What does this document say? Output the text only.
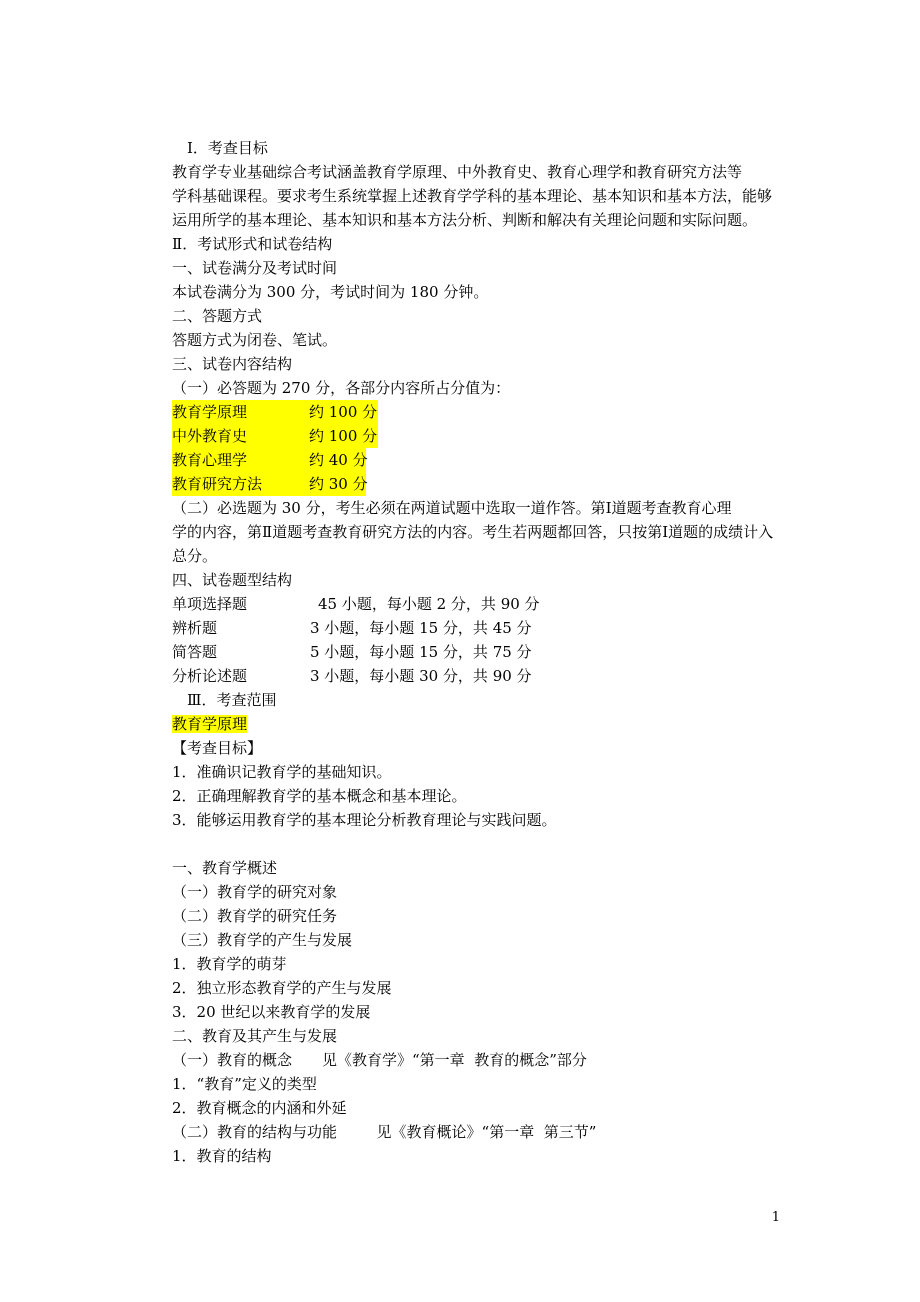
Ⅰ．考查目标
教育学专业基础综合考试涵盖教育学原理、中外教育史、教育心理学和教育研究方法等
学科基础课程。要求考生系统掌握上述教育学学科的基本理论、基本知识和基本方法，能够运用所学的基本理论、基本知识和基本方法分析、判断和解决有关理论问题和实际问题。
Ⅱ．考试形式和试卷结构
一、试卷满分及考试时间
本试卷满分为 300 分，考试时间为 180 分钟。
二、答题方式
答题方式为闭卷、笔试。
三、试卷内容结构
（一）必答题为 270 分，各部分内容所占分值为：
教育学原理	约 100 分
中外教育史	约 100 分
教育心理学	约 40 分
教育研究方法	约 30 分
（二）必选题为 30 分，考生必须在两道试题中选取一道作答。第Ⅰ道题考查教育心理
学的内容，第Ⅱ道题考查教育研究方法的内容。考生若两题都回答，只按第Ⅰ道题的成绩计入总分。
四、试卷题型结构
单项选择题	45 小题，每小题 2 分，共 90 分
辨析题	3 小题，每小题 15 分，共 45 分
简答题	5 小题，每小题 15 分，共 75 分
分析论述题	3 小题，每小题 30 分，共 90 分
Ⅲ．考查范围
教育学原理
【考查目标】
1．准确识记教育学的基础知识。
2．正确理解教育学的基本概念和基本理论。
3．能够运用教育学的基本理论分析教育理论与实践问题。
一、教育学概述
（一）教育学的研究对象
（二）教育学的研究任务
（三）教育学的产生与发展
1．教育学的萌芽
2．独立形态教育学的产生与发展
3．20 世纪以来教育学的发展
二、教育及其产生与发展
（一）教育的概念　　见《教育学》“第一章  教育的概念”部分
1．“教育”定义的类型
2．教育概念的内涵和外延
（二）教育的结构与功能　　  见《教育概论》“第一章  第三节”
1．教育的结构
1
